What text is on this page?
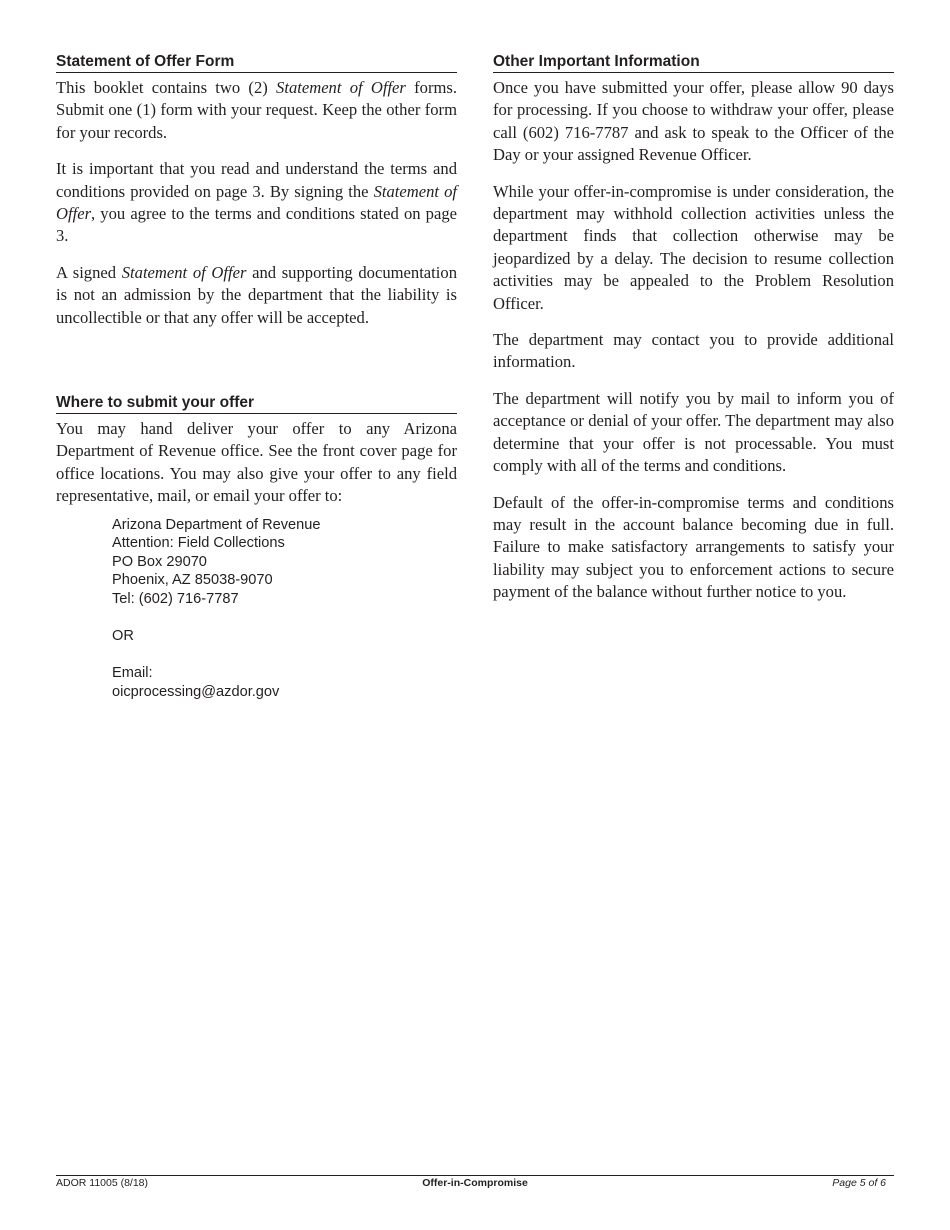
Statement of Offer Form

This booklet contains two (2) Statement of Offer forms. Submit one (1) form with your request. Keep the other form for your records.

It is important that you read and understand the terms and conditions provided on page 3. By signing the Statement of Offer, you agree to the terms and conditions stated on page 3.

A signed Statement of Offer and supporting documentation is not an admission by the department that the liability is uncollectible or that any offer will be accepted.

Where to submit your offer

You may hand deliver your offer to any Arizona Department of Revenue office. See the front cover page for office locations. You may also give your offer to any field representative, mail, or email your offer to:

Arizona Department of Revenue
Attention: Field Collections
PO Box 29070
Phoenix, AZ 85038-9070
Tel: (602) 716-7787
OR
Email:
oicprocessing@azdor.gov
Other Important Information

Once you have submitted your offer, please allow 90 days for processing. If you choose to withdraw your offer, please call (602) 716-7787 and ask to speak to the Officer of the Day or your assigned Revenue Officer.

While your offer-in-compromise is under consideration, the department may withhold collection activities unless the department finds that collection otherwise may be jeopardized by a delay. The decision to resume collection activities may be appealed to the Problem Resolution Officer.

The department may contact you to provide additional information.

The department will notify you by mail to inform you of acceptance or denial of your offer. The department may also determine that your offer is not processable. You must comply with all of the terms and conditions.

Default of the offer-in-compromise terms and conditions may result in the account balance becoming due in full. Failure to make satisfactory arrangements to satisfy your liability may subject you to enforcement actions to secure payment of the balance without further notice to you.

ADOR 11005 (8/18)	Offer-in-Compromise	Page 5 of 6
